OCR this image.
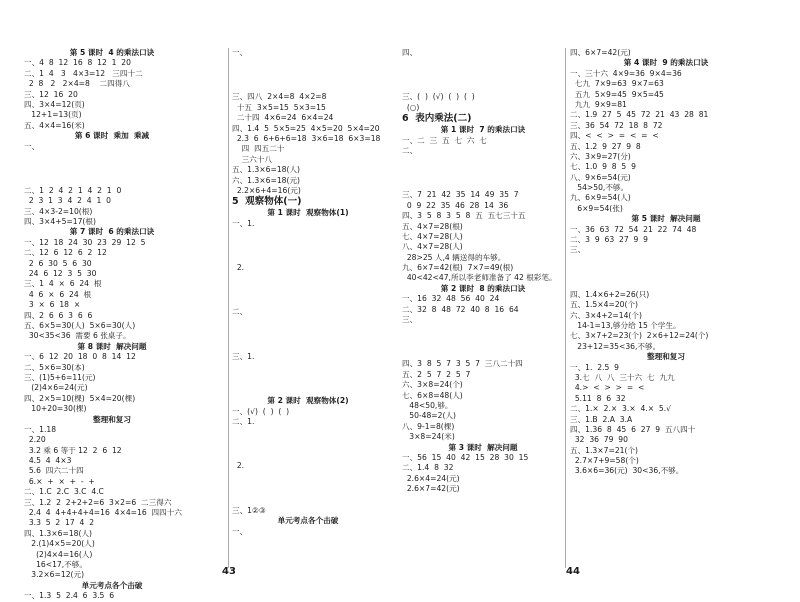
第 5 课时  4 的乘法口诀
一、4  8  12  16  8  12  1  20
二、1  4   3   4×3=12   三四十二
2  8   2   2×4=8    二四得八
三、12  16  20
四、3×4=12(页)
12+1=13(页)
五、4×4=16(米)
第 6 课时  乘加  乘减
一、
二、1  2  4  2  1  4  2  1  0
2  3  1  3  4  2  4  1  0
三、4×3-2=10(根)
四、3×4+5=17(根)
第 7 课时  6 的乘法口诀
一、12  18  24  30  23  29  12  5
二、12  6  12  6  2  12
2  6  30  5  6  30
24  6  12  3  5  30
三、1  4  ×  6  24  根
4  6  ×  6  24  根
3  ×  6  18  ×
四、2  6  6  3  6  6
五、6×5=30(人)  5×6=30(人)
30<35<36  需要 6 张桌子。
第 8 课时  解决问题
一、6  12  20  18  0  8  14  12
二、5×6=30(本)
三、(1)5+6=11(元)
(2)4×6=24(元)
四、2×5=10(棵)  5×4=20(棵)
10+20=30(棵)
整理和复习
一、1.18
2.20
3.2 乘 6 等于 12  2  6  12
4.5  4  4×3
5.6  四六二十四
6.×  +  ×  +  -  +
二、1.C  2.C  3.C  4.C
三、1.2  2  2+2+2=6  3×2=6  二三得六
2.4  4  4+4+4+4=16  4×4=16  四四十六
3.3  5  2  17  4  2
四、1.3×6=18(人)
2.(1)4×5=20(人)
(2)4×4=16(人)
16<17,不够。
3.2×6=12(元)
单元考点各个击破
一、1.3  5  2.4  6  3.5  6
一、
三、四八  2×4=8  4×2=8
十五  3×5=15  5×3=15
二十四  4×6=24  6×4=24
四、1.4  5  5×5=25  4×5=20  5×4=20
2.3  6  6+6+6=18  3×6=18  6×3=18
四  四五二十
三六十八
五、1.3×6=18(人)
六、1.3×6=18(元)
2.2×6+4=16(元)
5  观察物体(一)
第 1 课时  观察物体(1)
一、1.
2.
二、
三、1.
第 2 课时  观察物体(2)
一、(√)  (  )  (  )
二、1.
2.
三、1②③
单元考点各个击破
一、
四、
三、(  )  (√)  (  )  (  )
(○)
6  表内乘法(二)
第 1 课时  7 的乘法口诀
一、二  三  五  七  六  七
二、
三、7  21  42  35  14  49  35  7
0  9  22  35  46  28  14  36
四、3  5  8  3  5  8  五  五七三十五
五、4×7=28(根)
七、4×7=28(人)
八、4×7=28(人)
28>25 人,4 辆送得的车够。
九、6×7=42(根)  7×7=49(根)
40<42<47,所以李老师准备了 42 根彩笔。
第 2 课时  8 的乘法口诀
一、16  32  48  56  40  24
二、32  8  48  72  40  8  16  64
三、
四、3  8  5  7  3  5  7  三八二十四
五、2  5  7  2  5  7
六、3×8=24(个)
七、6×8=48(人)
48<50,够。
50-48=2(人)
八、9-1=8(棵)
3×8=24(米)
第 3 课时  解决问题
一、56  15  40  42  15  28  30  15
二、1.4  8  32
2.6×4=24(元)
2.6×7=42(元)
四、6×7=42(元)
第 4 课时  9 的乘法口诀
一、三十六  4×9=36  9×4=36
七九  7×9=63  9×7=63
五九  5×9=45  9×5=45
九九  9×9=81
二、1.9  27  5  45  72  21  43  28  81
三、36  54  72  18  8  72
四、<  <  >  =  <  =  <
五、1.2  9  27  9  8
六、3×9=27(分)
七、1.0  9  8  5  9
八、9×6=54(元)
54>50,不够。
九、6×9=54(人)
6×9=54(张)
第 5 课时  解决问题
一、36  63  72  54  21  22  74  48
二、3  9  63  27  9  9
三、
四、1.4×6+2=26(只)
五、1.5×4=20(个)
六、3×4+2=14(个)
14-1=13,够分给 15 个学生。
七、3×7+2=23(个)  2×6+12=24(个)
23+12=35<36,不够。
整理和复习
一、1.  2.5  9
3.七  八  八  三十六  七  九九
4.>  <  >  >  =  <
5.11  8  6  32
二、1.×  2.×  3.×  4.×  5.√
三、1.B  2.A  3.A
四、1.36  8  45  6  27  9  五八四十
32  36  79  90
五、1.3×7=21(个)
2.7×7+9=58(个)
3.6×6=36(元)  30<36,不够。
43	44
